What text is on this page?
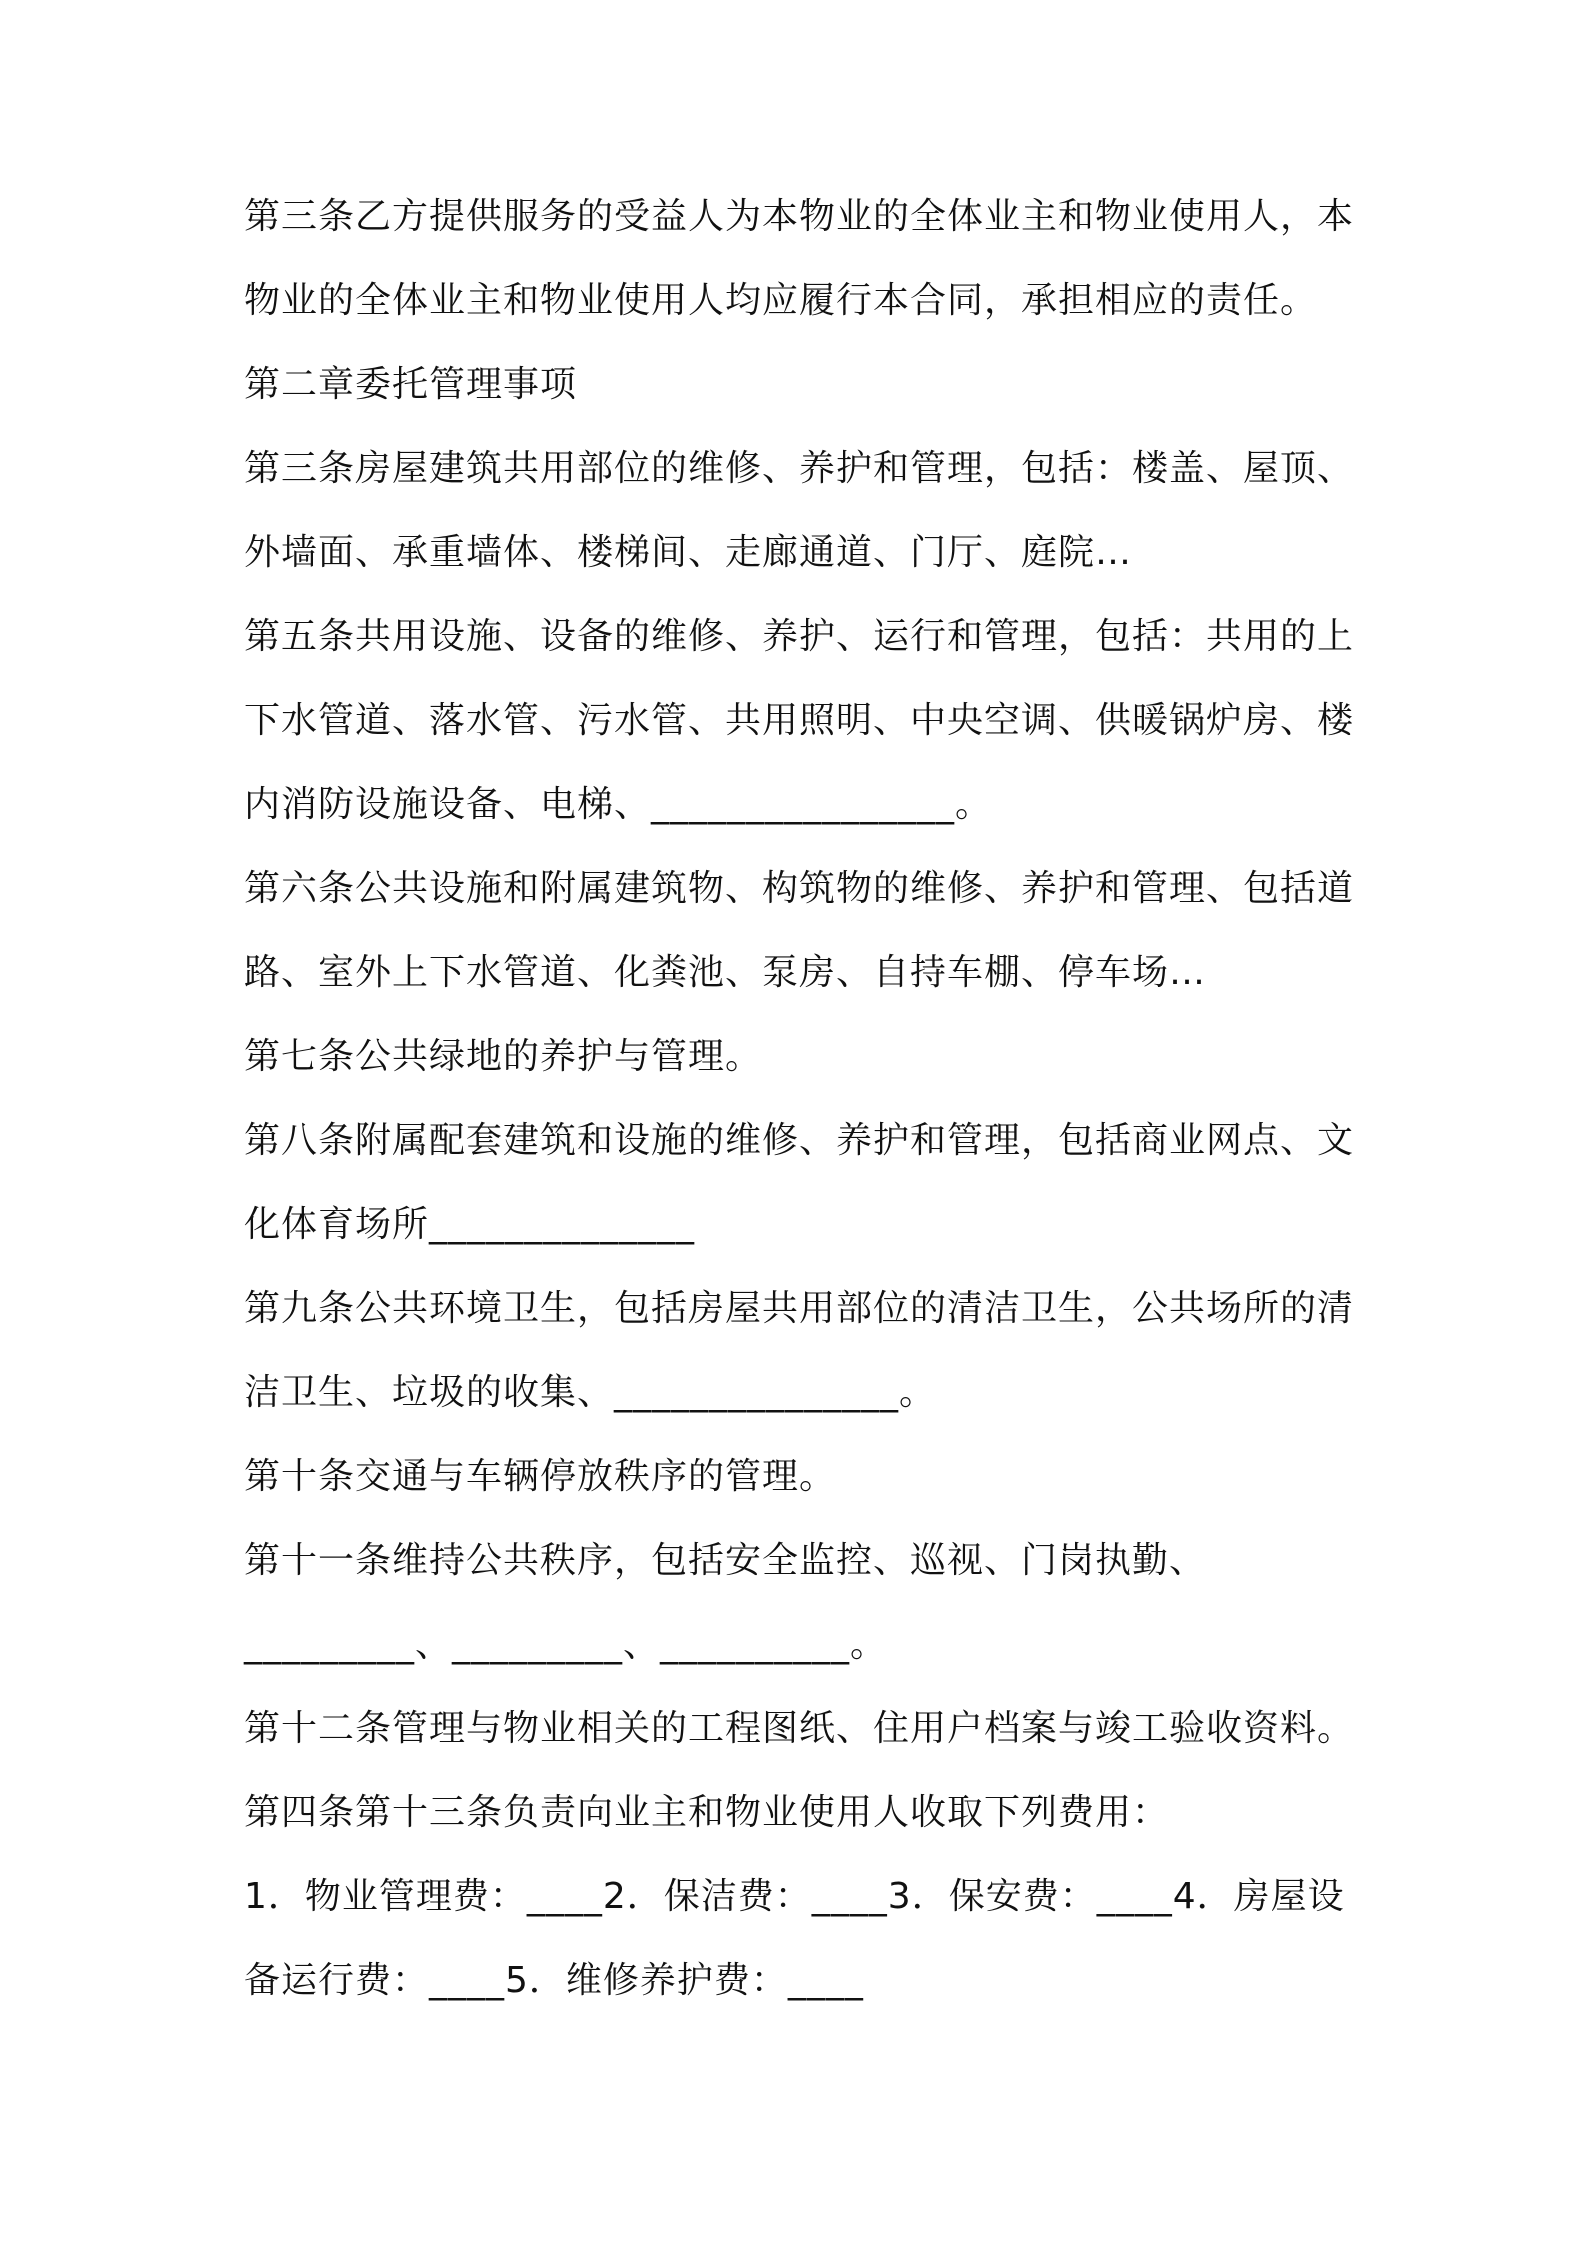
第三条乙方提供服务的受益人为本物业的全体业主和物业使用人，本
物业的全体业主和物业使用人均应履行本合同，承担相应的责任。
第二章委托管理事项
第三条房屋建筑共用部位的维修、养护和管理，包括：楼盖、屋顶、
外墙面、承重墙体、楼梯间、走廊通道、门厅、庭院…
第五条共用设施、设备的维修、养护、运行和管理，包括：共用的上
下水管道、落水管、污水管、共用照明、中央空调、供暖锅炉房、楼
内消防设施设备、电梯、________________。
第六条公共设施和附属建筑物、构筑物的维修、养护和管理、包括道
路、室外上下水管道、化粪池、泵房、自持车棚、停车场…
第七条公共绿地的养护与管理。
第八条附属配套建筑和设施的维修、养护和管理，包括商业网点、文
化体育场所______________
第九条公共环境卫生，包括房屋共用部位的清洁卫生，公共场所的清
洁卫生、垃圾的收集、_______________。
第十条交通与车辆停放秩序的管理。
第十一条维持公共秩序，包括安全监控、巡视、门岗执勤、
_________、_________、__________。
第十二条管理与物业相关的工程图纸、住用户档案与竣工验收资料。
第四条第十三条负责向业主和物业使用人收取下列费用：
1．物业管理费：____2．保洁费：____3．保安费：____4．房屋设
备运行费：____5．维修养护费：____
